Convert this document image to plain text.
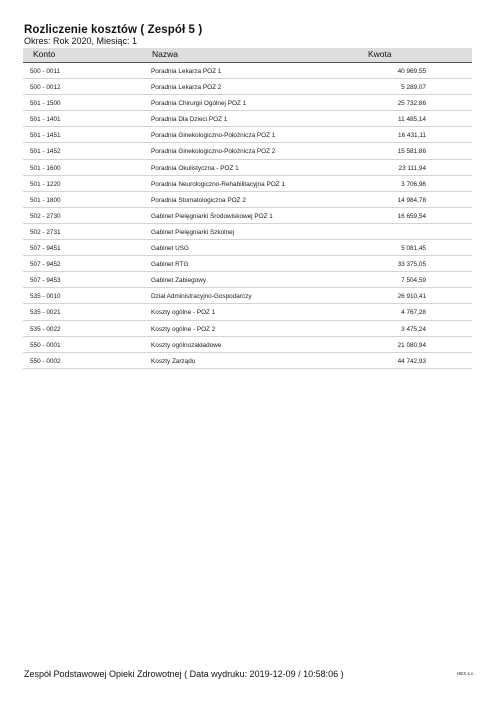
Rozliczenie kosztów ( Zespół 5 )
Okres: Rok 2020, Miesiąc: 1
Konto	Nazwa	Kwota
500 - 0011	Poradnia Lekarza POZ 1	40 969,55
500 - 0012	Poradnia Lekarza POZ 2	5 289,07
501 - 1500	Poradnia Chirurgii Ogólnej POZ 1	25 732,86
501 - 1401	Poradnia Dla Dzieci POZ 1	11 485,14
501 - 1451	Poradnia Ginekologiczno-Położnicza POZ 1	16 431,11
501 - 1452	Poradnia Ginekologiczno-Położnicza POZ 2	15 581,86
501 - 1600	Poradnia Okulistyczna - POZ 1	23 111,94
501 - 1220	Poradnia Neurologiczno-Rehabilitacyjna POZ 1	3 706,96
501 - 1800	Poradnia Stomatologiczna POZ 2	14 984,78
502 - 2730	Gabinet Pielęgniarki Środowiskowej POZ 1	16 659,54
502 - 2731	Gabinet Pielęgniarki Szkolnej
507 - 9451	Gabinet USG	5 081,45
507 - 9452	Gabinet RTG	33 375,05
507 - 9453	Gabinet Zabiegowy	7 504,59
535 - 0010	Dział Administracyjno-Gospodarczy	26 910,41
535 - 0021	Koszty ogólne - POZ 1	4 767,28
535 - 0022	Koszty ogólne - POZ 2	3 475,24
550 - 0001	Koszty ogólnozakładowe	21 080,94
550 - 0002	Koszty Zarządu	44 742,93
Zespół Podstawowej Opieki Zdrowotnej ( Data wydruku: 2019-12-09 / 10:58:06 )	HEX s.c.
